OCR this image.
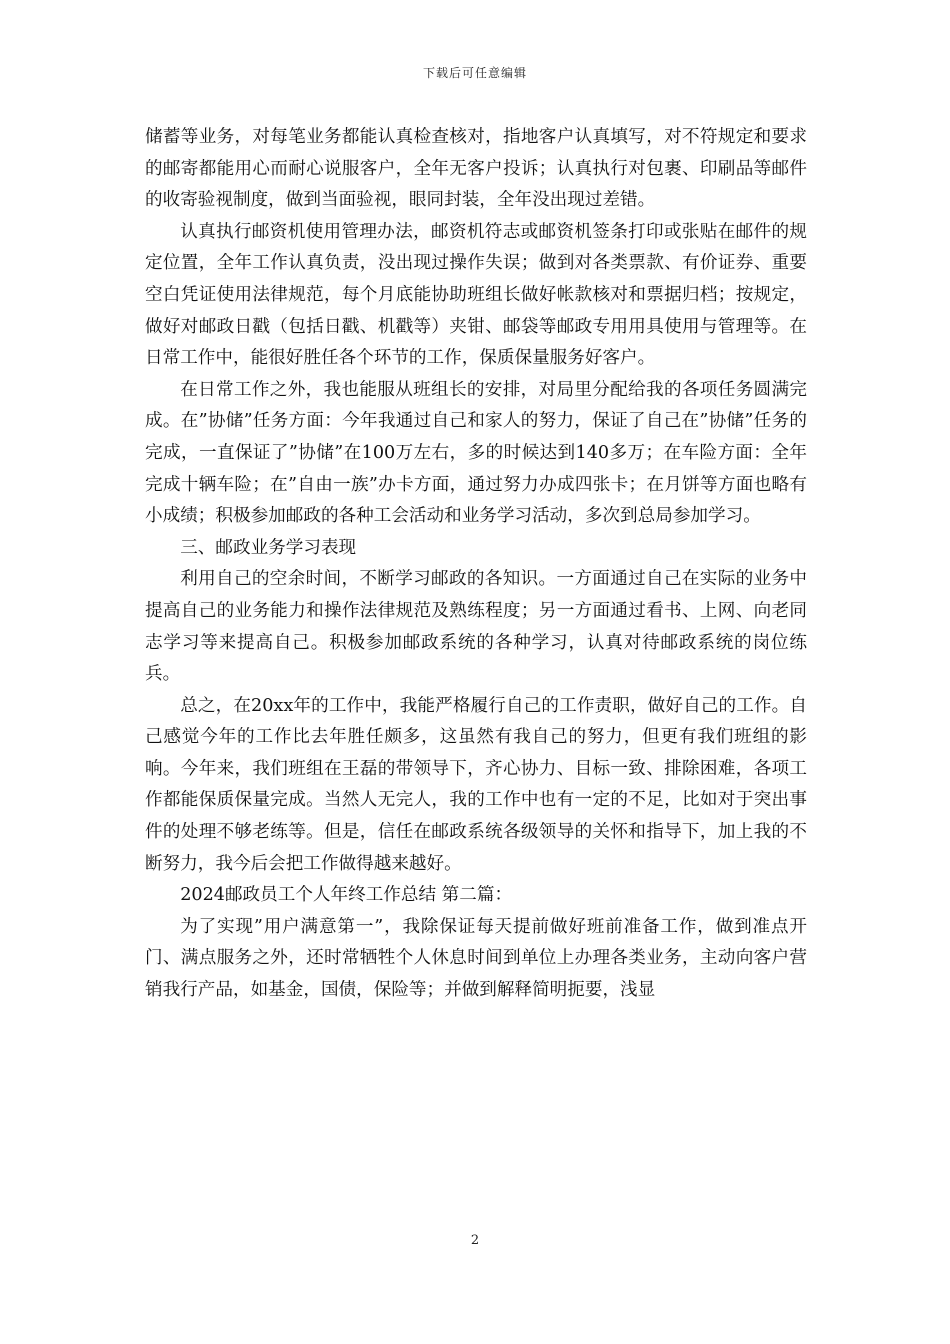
下载后可任意编辑

储蓄等业务，对每笔业务都能认真检查核对，指地客户认真填写，对不符规定和要求的邮寄都能用心而耐心说服客户，全年无客户投诉；认真执行对包裹、印刷品等邮件的收寄验视制度，做到当面验视，眼同封装，全年没出现过差错。

认真执行邮资机使用管理办法，邮资机符志或邮资机签条打印或张贴在邮件的规定位置，全年工作认真负责，没出现过操作失误；做到对各类票款、有价证券、重要空白凭证使用法律规范，每个月底能协助班组长做好帐款核对和票据归档；按规定，做好对邮政日戳（包括日戳、机戳等）夹钳、邮袋等邮政专用用具使用与管理等。在日常工作中，能很好胜任各个环节的工作，保质保量服务好客户。

在日常工作之外，我也能服从班组长的安排，对局里分配给我的各项任务圆满完成。在”协储”任务方面：今年我通过自己和家人的努力，保证了自己在”协储”任务的完成，一直保证了”协储”在100万左右，多的时候达到140多万；在车险方面：全年完成十辆车险；在”自由一族”办卡方面，通过努力办成四张卡；在月饼等方面也略有小成绩；积极参加邮政的各种工会活动和业务学习活动，多次到总局参加学习。

三、邮政业务学习表现

利用自己的空余时间，不断学习邮政的各知识。一方面通过自己在实际的业务中提高自己的业务能力和操作法律规范及熟练程度；另一方面通过看书、上网、向老同志学习等来提高自己。积极参加邮政系统的各种学习，认真对待邮政系统的岗位练兵。

总之，在20xx年的工作中，我能严格履行自己的工作责职，做好自己的工作。自己感觉今年的工作比去年胜任颇多，这虽然有我自己的努力，但更有我们班组的影响。今年来，我们班组在王磊的带领导下，齐心协力、目标一致、排除困难，各项工作都能保质保量完成。当然人无完人，我的工作中也有一定的不足，比如对于突出事件的处理不够老练等。但是，信任在邮政系统各级领导的关怀和指导下，加上我的不断努力，我今后会把工作做得越来越好。

2024邮政员工个人年终工作总结 第二篇：

为了实现”用户满意第一”，我除保证每天提前做好班前准备工作，做到准点开门、满点服务之外，还时常牺牲个人休息时间到单位上办理各类业务，主动向客户营销我行产品，如基金，国债，保险等；并做到解释简明扼要，浅显

2
